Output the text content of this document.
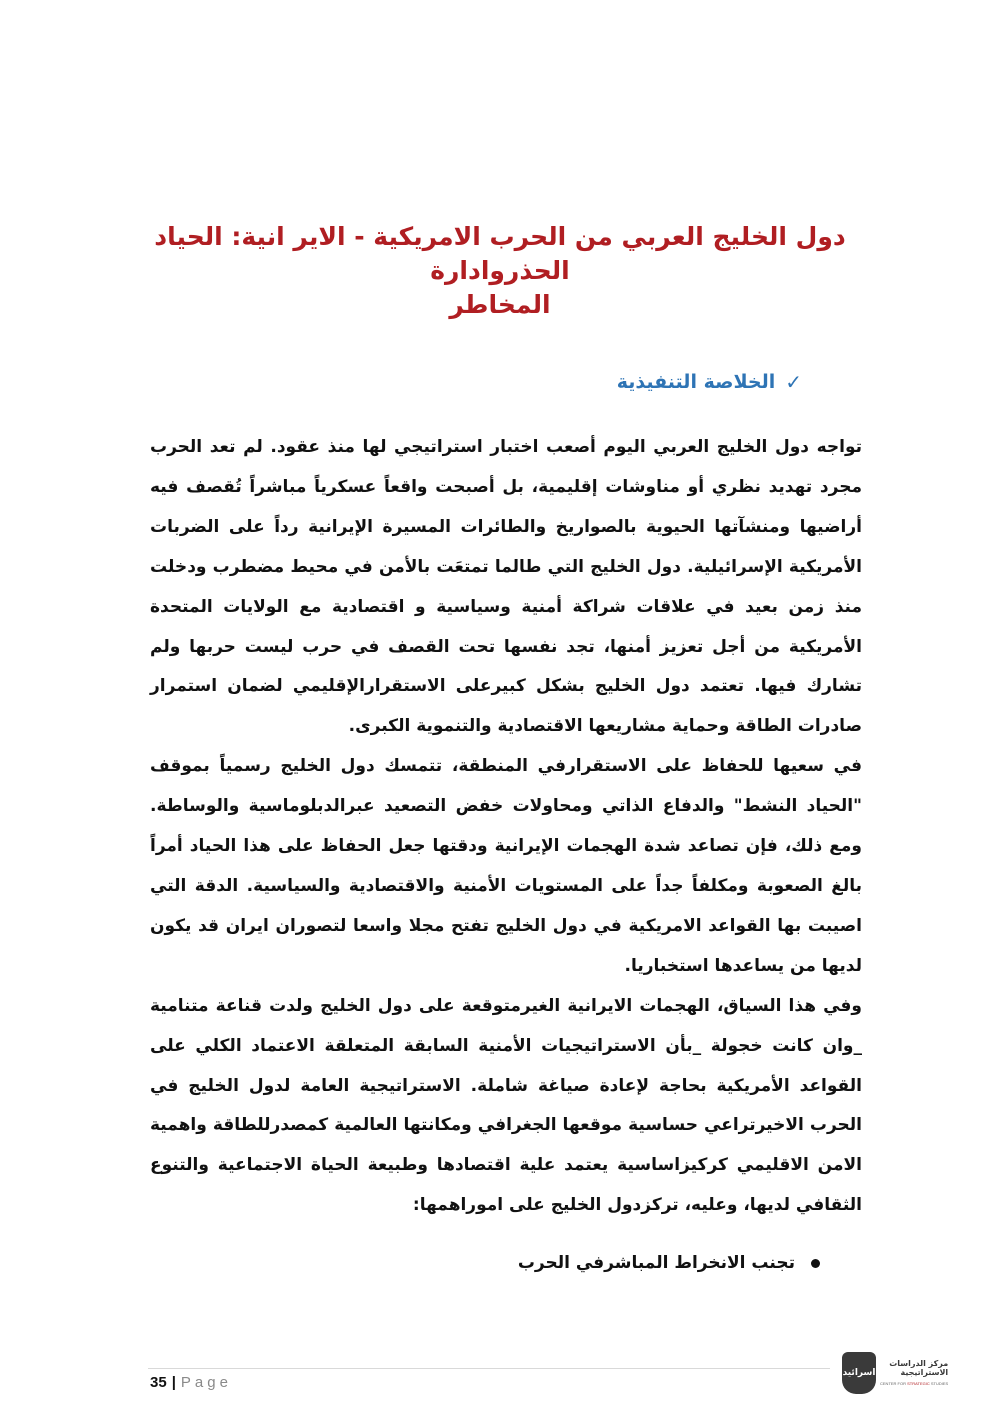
دول الخليج العربي من الحرب الامريكية - الاير انية: الحياد الحذروادارة
المخاطر
✓
الخلاصة التنفيذية

تواجه دول الخليج العربي اليوم أصعب اختبار استراتيجي لها منذ عقود. لم تعد الحرب مجرد تهديد نظري أو مناوشات إقليمية، بل أصبحت واقعاً عسكرياً مباشراً تُقصف فيه أراضيها ومنشآتها الحيوية بالصواريخ والطائرات المسيرة الإيرانية رداً على الضربات الأمريكية الإسرائيلية. دول الخليج التي طالما تمتعَت بالأمن في محيط مضطرب ودخلت منذ زمن بعيد في علاقات شراكة أمنية وسياسية و اقتصادية مع الولايات المتحدة الأمريكية من أجل تعزيز أمنها، تجد نفسها تحت القصف في حرب ليست حربها ولم تشارك فيها. تعتمد دول الخليج بشكل كبيرعلى الاستقرارالإقليمي لضمان استمرار صادرات الطاقة وحماية مشاريعها الاقتصادية والتنموية الكبرى.

في سعيها للحفاظ على الاستقرارفي المنطقة، تتمسك دول الخليج رسمياً بموقف "الحياد النشط" والدفاع الذاتي ومحاولات خفض التصعيد عبرالدبلوماسية والوساطة. ومع ذلك، فإن تصاعد شدة الهجمات الإيرانية ودقتها جعل الحفاظ على هذا الحياد أمراً بالغ الصعوبة ومكلفاً جداً على المستويات الأمنية والاقتصادية والسياسية. الدقة التي اصيبت بها القواعد الامريكية في دول الخليج تفتح مجلا واسعا لتصوران ايران قد يكون لديها من يساعدها استخباريا.

وفي هذا السياق، الهجمات الايرانية الغيرمتوقعة على دول الخليج ولدت قناعة متنامية _وان كانت خجولة _بأن الاستراتيجيات الأمنية السابقة المتعلقة الاعتماد الكلي على القواعد الأمريكية بحاجة لإعادة صياغة شاملة. الاستراتيجية العامة لدول الخليج في الحرب الاخيرتراعي حساسية موقعها الجغرافي ومكانتها العالمية كمصدرللطاقة واهمية الامن الاقليمي كركيزاساسية يعتمد علية اقتصادها وطبيعة الحياة الاجتماعية والتنوع الثقافي لديها، وعليه، تركزدول الخليج على اموراهمها:

تجنب الانخراط المباشرفي الحرب
35 | Page
اسرائيد
مركز الدراسات
الاستراتيجية
CENTER FOR STRATEGIC STUDIES
